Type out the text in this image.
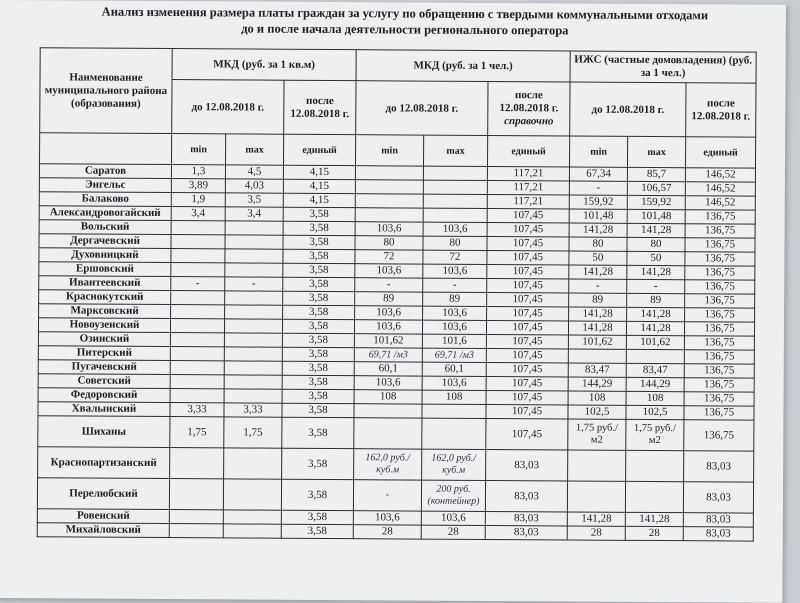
Анализ изменения размера платы граждан за услугу по обращению с твердыми коммунальными отходами
до и после начала деятельности регионального оператора
Наименование муниципального района (образования)	МКД (руб. за 1 кв.м)			МКД (руб. за 1 чел.)			ИЖС (частные домовладения) (руб. за 1 чел.)		
	до 12.08.2018 г.		после 12.08.2018 г.	до 12.08.2018 г.		после 12.08.2018 г.
справочно	до 12.08.2018 г.		после 12.08.2018 г.
	min	max	единый	min	max	единый	min	max	единый
Саратов	1,3	4,5	4,15			117,21	67,34	85,7	146,52
Энгельс	3,89	4,03	4,15			117,21	-	106,57	146,52
Балаково	1,9	3,5	4,15			117,21	159,92	159,92	146,52
Александровогайский	3,4	3,4	3,58			107,45	101,48	101,48	136,75
Вольский			3,58	103,6	103,6	107,45	141,28	141,28	136,75
Дергачевский			3,58	80	80	107,45	80	80	136,75
Духовницкий			3,58	72	72	107,45	50	50	136,75
Ершовский			3,58	103,6	103,6	107,45	141,28	141,28	136,75
Ивантеевский	-	-	3,58	-	-	107,45	-	-	136,75
Краснокутский			3,58	89	89	107,45	89	89	136,75
Марксовский			3,58	103,6	103,6	107,45	141,28	141,28	136,75
Новоузенский			3,58	103,6	103,6	107,45	141,28	141,28	136,75
Озинский			3,58	101,62	101,6	107,45	101,62	101,62	136,75
Питерский			3,58	69,71 /м3	69,71 /м3	107,45			136,75
Пугачевский			3,58	60,1	60,1	107,45	83,47	83,47	136,75
Советский			3,58	103,6	103,6	107,45	144,29	144,29	136,75
Федоровский			3,58	108	108	107,45	108	108	136,75
Хвалынский	3,33	3,33	3,58			107,45	102,5	102,5	136,75
Шиханы	1,75	1,75	3,58			107,45	1,75 руб./м2	1,75 руб./м2	136,75
Краснопартизанский			3,58	162,0 руб./куб.м	162,0 руб./куб.м	83,03			83,03
Перелюбский			3,58	-	200 руб. (контейнер)	83,03			83,03
Ровенский			3,58	103,6	103,6	83,03	141,28	141,28	83,03
Михайловский			3,58	28	28	83,03	28	28	83,03
